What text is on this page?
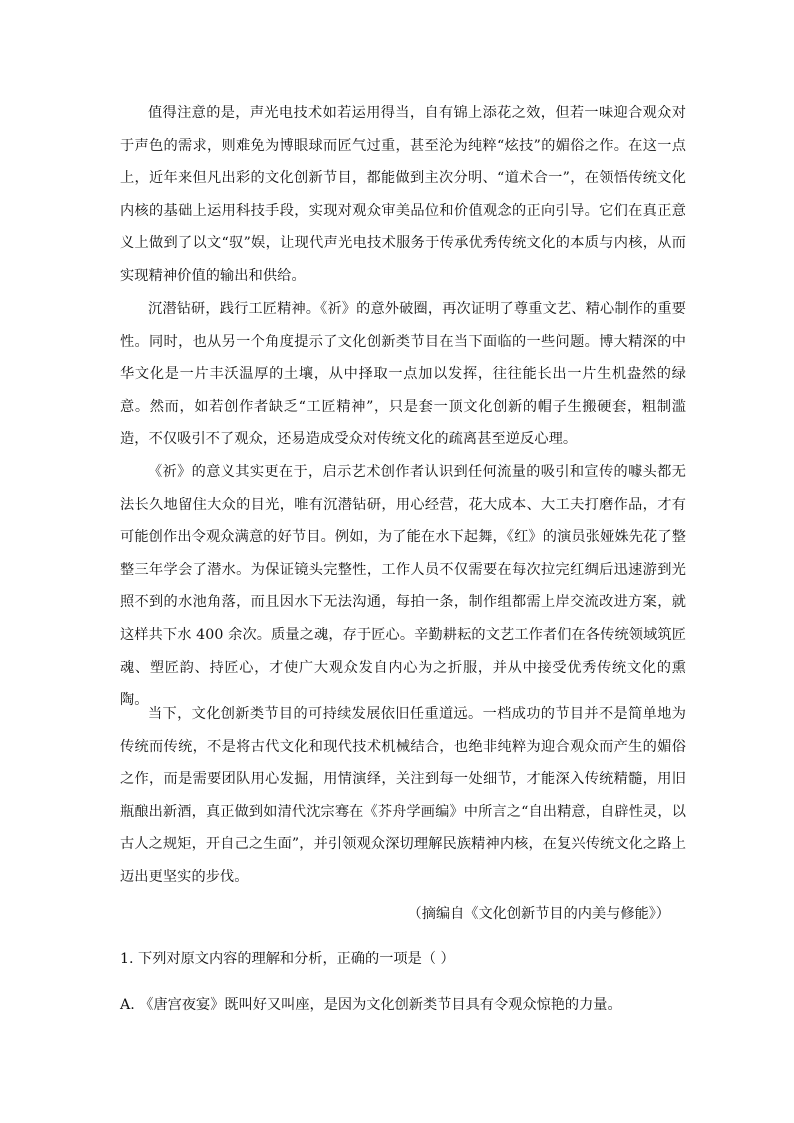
值得注意的是，声光电技术如若运用得当，自有锦上添花之效，但若一味迎合观众对于声色的需求，则难免为博眼球而匠气过重，甚至沦为纯粹“炫技”的媚俗之作。在这一点上，近年来但凡出彩的文化创新节目，都能做到主次分明、“道术合一”，在领悟传统文化内核的基础上运用科技手段，实现对观众审美品位和价值观念的正向引导。它们在真正意义上做到了以文“驭”娱，让现代声光电技术服务于传承优秀传统文化的本质与内核，从而实现精神价值的输出和供给。

沉潜钻研，践行工匠精神。《祈》的意外破圈，再次证明了尊重文艺、精心制作的重要性。同时，也从另一个角度提示了文化创新类节目在当下面临的一些问题。博大精深的中华文化是一片丰沃温厚的土壤，从中择取一点加以发挥，往往能长出一片生机盎然的绿意。然而，如若创作者缺乏“工匠精神”，只是套一顶文化创新的帽子生搬硬套，粗制滥造，不仅吸引不了观众，还易造成受众对传统文化的疏离甚至逆反心理。

《祈》的意义其实更在于，启示艺术创作者认识到任何流量的吸引和宣传的噱头都无法长久地留住大众的目光，唯有沉潜钻研，用心经营，花大成本、大工夫打磨作品，才有可能创作出令观众满意的好节目。例如，为了能在水下起舞，《红》的演员张娅姝先花了整整三年学会了潜水。为保证镜头完整性，工作人员不仅需要在每次拉完红绸后迅速游到光照不到的水池角落，而且因水下无法沟通，每拍一条，制作组都需上岸交流改进方案，就这样共下水 400 余次。质量之魂，存于匠心。辛勤耕耘的文艺工作者们在各传统领域筑匠魂、塑匠韵、持匠心，才使广大观众发自内心为之折服，并从中接受优秀传统文化的熏陶。

当下，文化创新类节目的可持续发展依旧任重道远。一档成功的节目并不是简单地为传统而传统，不是将古代文化和现代技术机械结合，也绝非纯粹为迎合观众而产生的媚俗之作，而是需要团队用心发掘，用情演绎，关注到每一处细节，才能深入传统精髓，用旧瓶酿出新酒，真正做到如清代沈宗骞在《芥舟学画编》中所言之“自出精意，自辟性灵，以古人之规矩，开自己之生面”，并引领观众深切理解民族精神内核，在复兴传统文化之路上迈出更坚实的步伐。

（摘编自《文化创新节目的内美与修能》）

1. 下列对原文内容的理解和分析，正确的一项是（ ）

A. 《唐宫夜宴》既叫好又叫座，是因为文化创新类节目具有令观众惊艳的力量。
